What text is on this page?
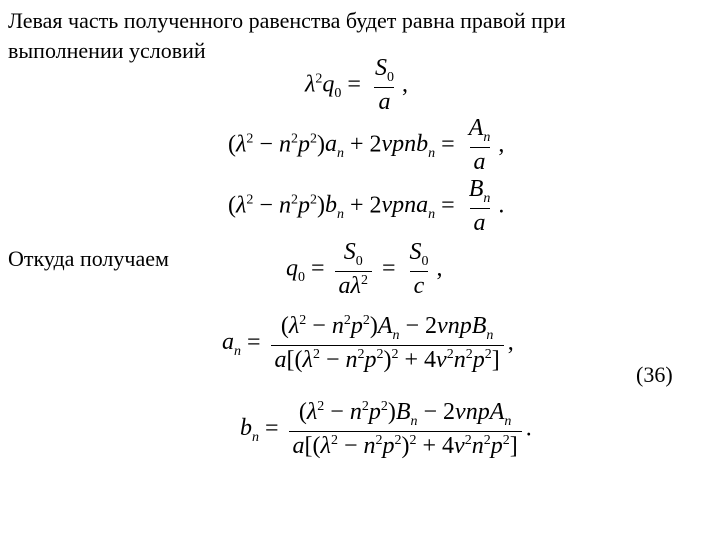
Левая часть полученного равенства будет равна правой при выполнении условий
$\lambda^2q_0 = \frac{S_0}{a}$ ,
$(\lambda^2 - n^2p^2)a_n + 2\nu pnb_n = \frac{A_n}{a}$ ,
$(\lambda^2 - n^2p^2)b_n + 2\nu pna_n = \frac{B_n}{a}$ .
Откуда получаем	$q_0 = \frac{S_0}{a\lambda^2} = \frac{S_0}{c}$ ,
$a_n = \frac{(\lambda^2 - n^2p^2)A_n - 2\nu npB_n}{a[(\lambda^2 - n^2p^2)^2 + 4\nu^2n^2p^2]}$ ,
(36)
$b_n = \frac{(\lambda^2 - n^2p^2)B_n - 2\nu npA_n}{a[(\lambda^2 - n^2p^2)^2 + 4\nu^2n^2p^2]}$ .
